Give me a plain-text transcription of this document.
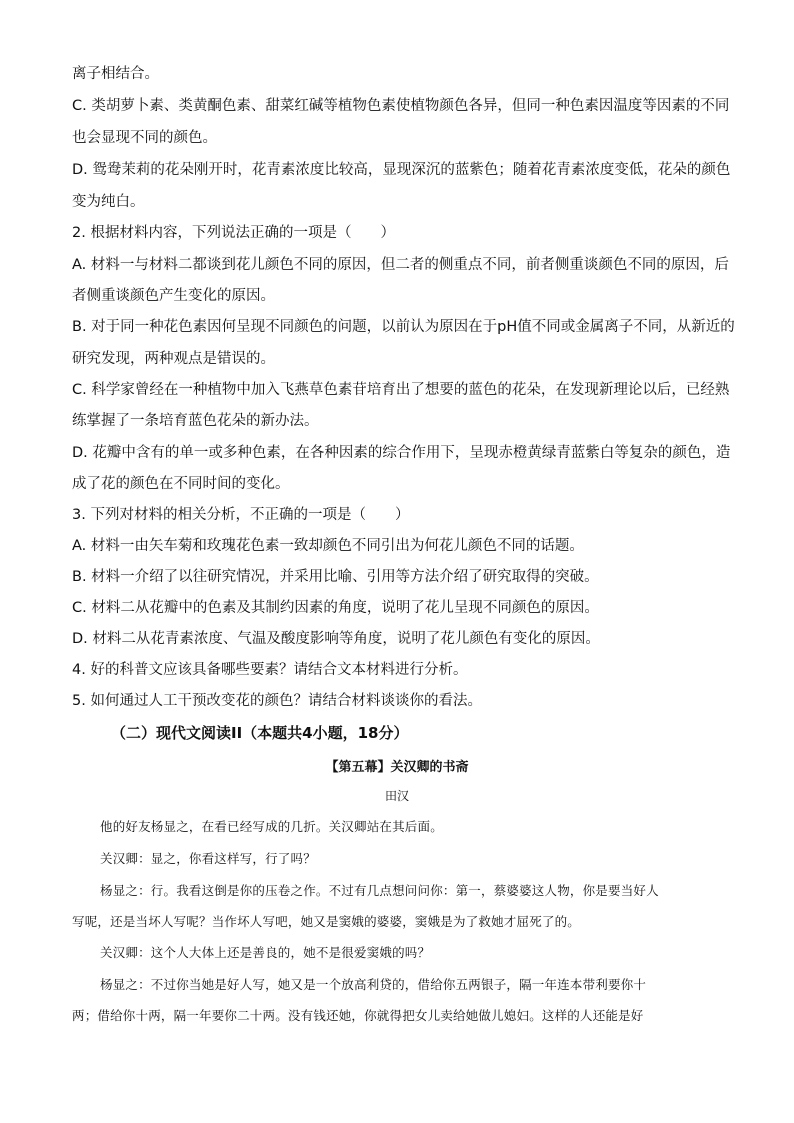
离子相结合。
C. 类胡萝卜素、类黄酮色素、甜菜红碱等植物色素使植物颜色各异，但同一种色素因温度等因素的不同
也会显现不同的颜色。
D. 鸳鸯茉莉的花朵刚开时，花青素浓度比较高，显现深沉的蓝紫色；随着花青素浓度变低，花朵的颜色
变为纯白。
2. 根据材料内容，下列说法正确的一项是（　　）
A. 材料一与材料二都谈到花儿颜色不同的原因，但二者的侧重点不同，前者侧重谈颜色不同的原因，后
者侧重谈颜色产生变化的原因。
B. 对于同一种花色素因何呈现不同颜色的问题，以前认为原因在于pH值不同或金属离子不同，从新近的
研究发现，两种观点是错误的。
C. 科学家曾经在一种植物中加入飞燕草色素苷培育出了想要的蓝色的花朵，在发现新理论以后，已经熟
练掌握了一条培育蓝色花朵的新办法。
D. 花瓣中含有的单一或多种色素，在各种因素的综合作用下，呈现赤橙黄绿青蓝紫白等复杂的颜色，造
成了花的颜色在不同时间的变化。
3. 下列对材料的相关分析，不正确的一项是（　　）
A. 材料一由矢车菊和玫瑰花色素一致却颜色不同引出为何花儿颜色不同的话题。
B. 材料一介绍了以往研究情况，并采用比喻、引用等方法介绍了研究取得的突破。
C. 材料二从花瓣中的色素及其制约因素的角度，说明了花儿呈现不同颜色的原因。
D. 材料二从花青素浓度、气温及酸度影响等角度，说明了花儿颜色有变化的原因。
4. 好的科普文应该具备哪些要素？请结合文本材料进行分析。
5. 如何通过人工干预改变花的颜色？请结合材料谈谈你的看法。
（二）现代文阅读II（本题共4小题，18分）
【第五幕】关汉卿的书斋
田汉
他的好友杨显之，在看已经写成的几折。关汉卿站在其后面。
关汉卿：显之，你看这样写，行了吗？
杨显之：行。我看这倒是你的压卷之作。不过有几点想问问你：第一，蔡婆婆这人物，你是要当好人
写呢，还是当坏人写呢？当作坏人写吧，她又是窦娥的婆婆，窦娥是为了救她才屈死了的。
关汉卿：这个人大体上还是善良的，她不是很爱窦娥的吗？
杨显之：不过你当她是好人写，她又是一个放高利贷的，借给你五两银子，隔一年连本带利要你十
两；借给你十两，隔一年要你二十两。没有钱还她，你就得把女儿卖给她做儿媳妇。这样的人还能是好
